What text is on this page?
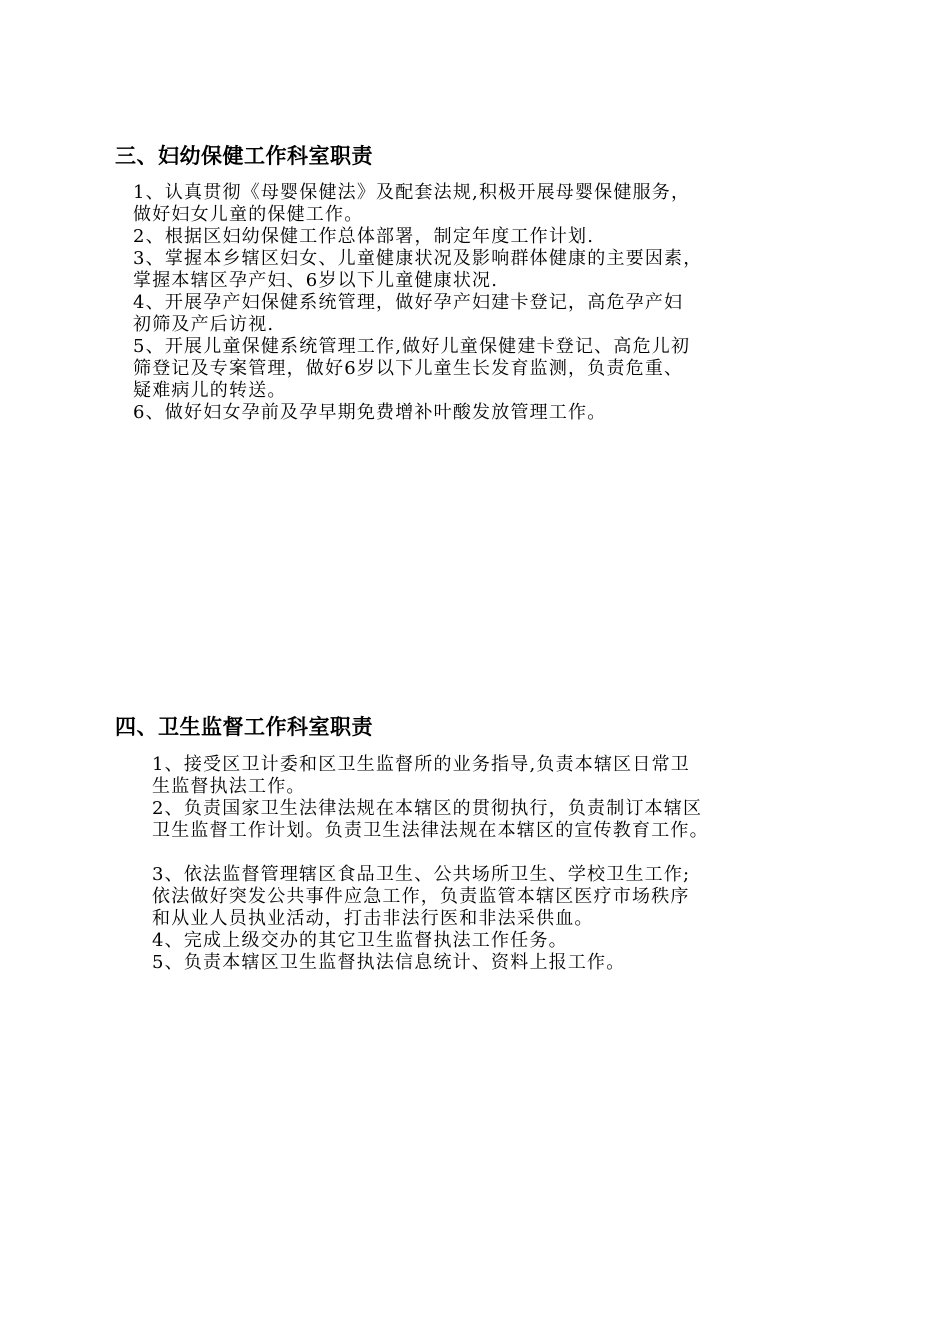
三、妇幼保健工作科室职责
1、认真贯彻《母婴保健法》及配套法规,积极开展母婴保健服务，
做好妇女儿童的保健工作。
2、根据区妇幼保健工作总体部署，制定年度工作计划.
3、掌握本乡辖区妇女、儿童健康状况及影响群体健康的主要因素，
掌握本辖区孕产妇、6岁以下儿童健康状况.
4、开展孕产妇保健系统管理，做好孕产妇建卡登记，高危孕产妇
初筛及产后访视.
5、开展儿童保健系统管理工作,做好儿童保健建卡登记、高危儿初
筛登记及专案管理，做好6岁以下儿童生长发育监测，负责危重、
疑难病儿的转送。
6、做好妇女孕前及孕早期免费增补叶酸发放管理工作。
四、卫生监督工作科室职责
1、接受区卫计委和区卫生监督所的业务指导,负责本辖区日常卫
生监督执法工作。
2、负责国家卫生法律法规在本辖区的贯彻执行，负责制订本辖区
卫生监督工作计划。负责卫生法律法规在本辖区的宣传教育工作。
3、依法监督管理辖区食品卫生、公共场所卫生、学校卫生工作;
依法做好突发公共事件应急工作，负责监管本辖区医疗市场秩序
和从业人员执业活动，打击非法行医和非法采供血。
4、完成上级交办的其它卫生监督执法工作任务。
5、负责本辖区卫生监督执法信息统计、资料上报工作。
